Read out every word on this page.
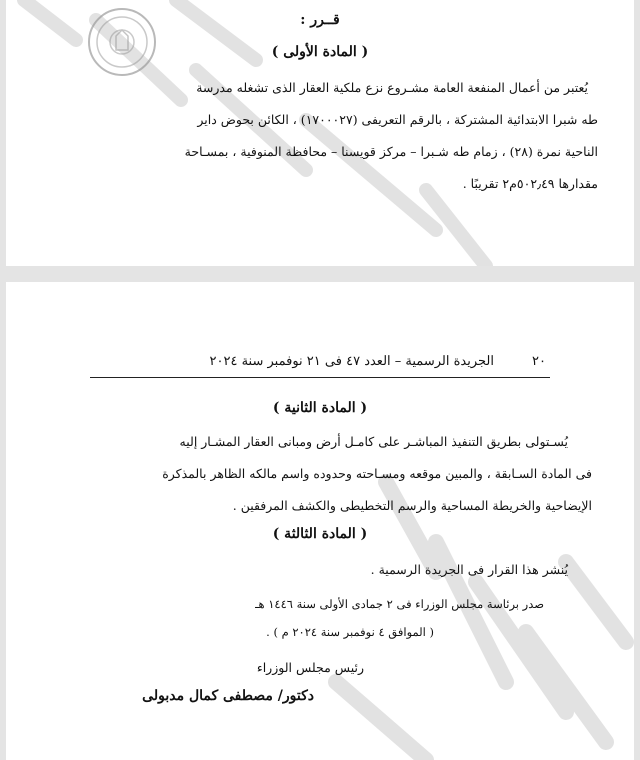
قــرر :
( المادة الأولى )
يُعتبر من أعمال المنفعة العامة مشـروع نزع ملكية العقار الذى تشغله مدرسة
طه شبرا الابتدائية المشتركة ، بالرقم التعريفى (١٧٠٠٠٢٧) ، الكائن بحوض داير
الناحية نمرة (٢٨) ، زمام طه شـبرا – مركز قويسنا – محافظة المنوفية ، بمسـاحة
مقدارها ٥٠٢٫٤٩م٢ تقريبًا .
٢٠
الجريدة الرسمية – العدد ٤٧ فى ٢١ نوفمبر سنة ٢٠٢٤
( المادة الثانية )
يُسـتولى بطريق التنفيذ المباشـر على كامـل أرض ومبانى العقار المشـار إليه
فى المادة السـابقة ، والمبين موقعه ومسـاحته وحدوده واسم مالكه الظاهر بالمذكرة
الإيضاحية والخريطة المساحية والرسم التخطيطى والكشف المرفقين .
( المادة الثالثة )
يُنشر هذا القرار فى الجريدة الرسمية .
صدر برئاسة مجلس الوزراء فى ٢ جمادى الأولى سنة ١٤٤٦ هـ
( الموافق ٤ نوفمبر سنة ٢٠٢٤ م ) .
رئيس مجلس الوزراء
دكتور/ مصطفى كمال مدبولى
